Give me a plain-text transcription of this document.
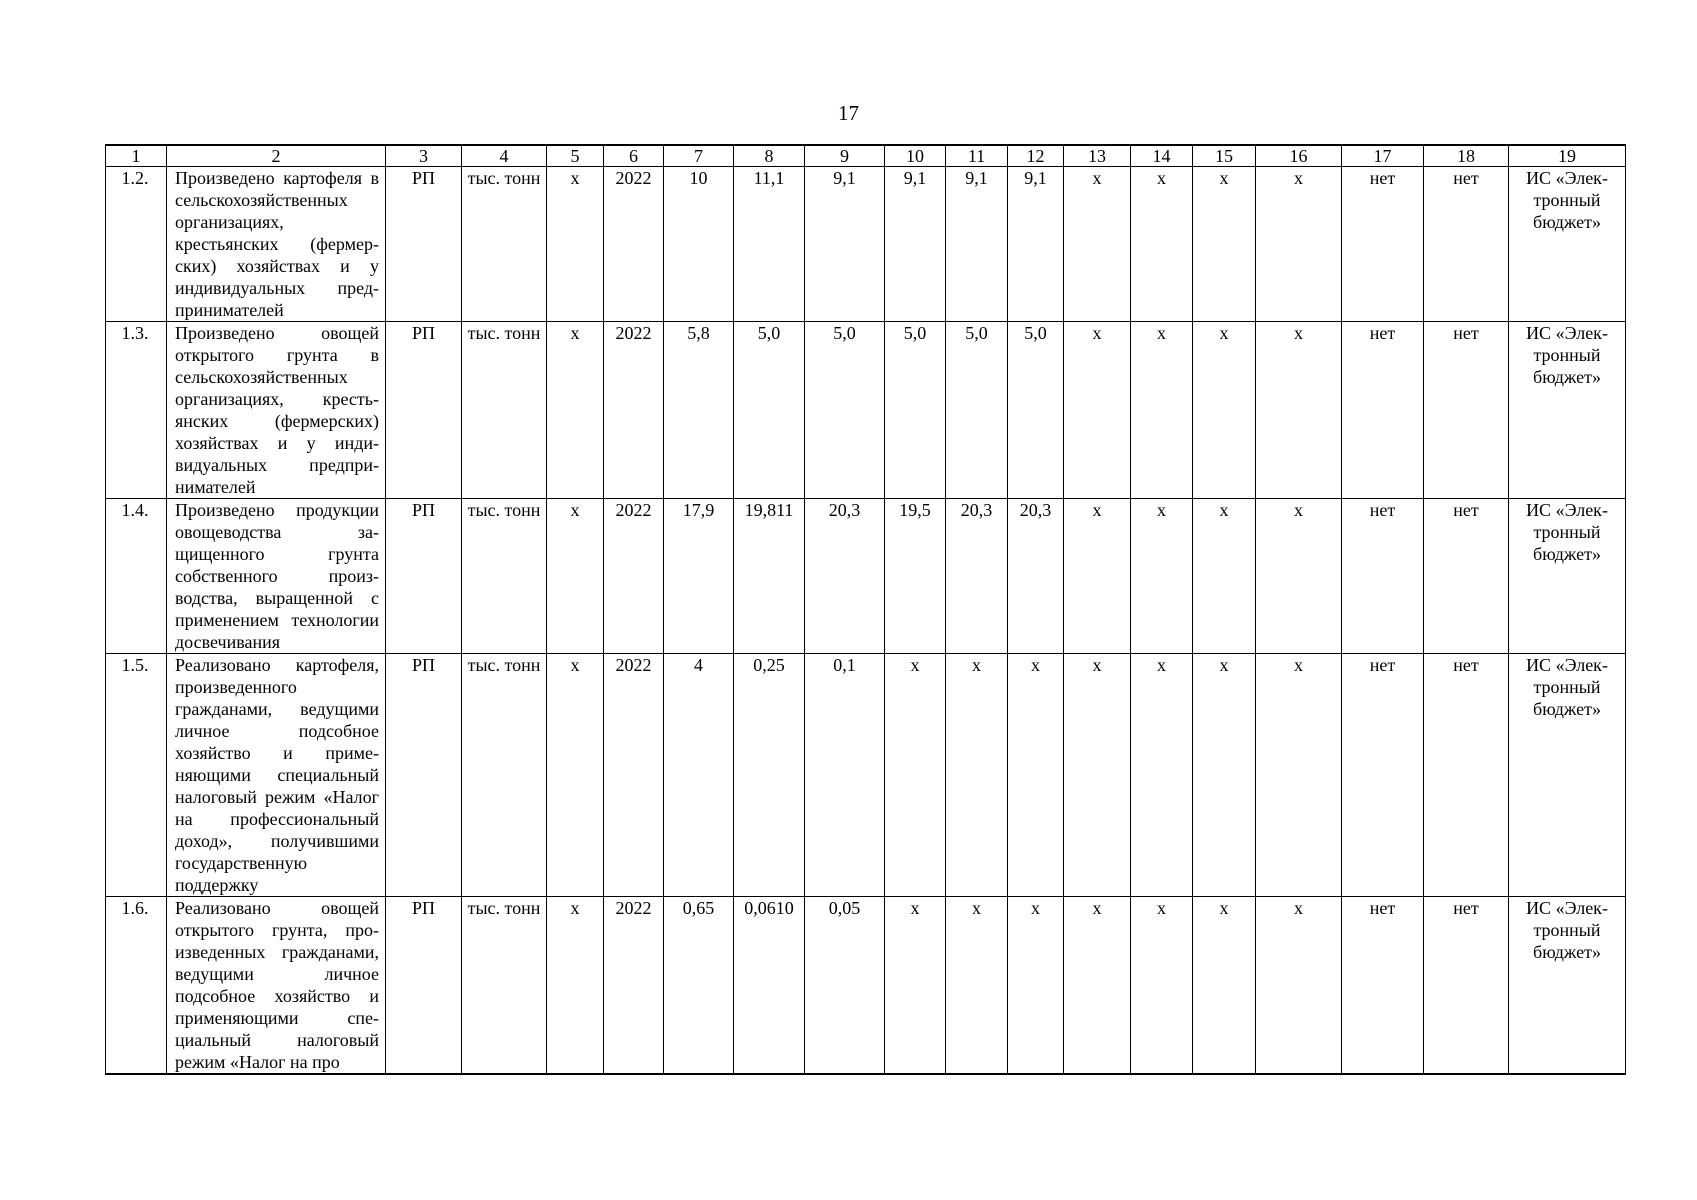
17
1	2	3	4	5	6	7	8	9	10	11	12	13	14	15	16	17	18	19
1.2.	Произведено картофеля в сельскохозяйственных организациях, крестьянских (фермерских) хозяйствах и у индивидуальных предпринимателей	РП	тыс. тонн	x	2022	10	11,1	9,1	9,1	9,1	9,1	x	x	x	x	нет	нет	ИС «Электронный бюджет»
1.3.	Произведено овощей открытого грунта в сельскохозяйственных организациях, крестьянских (фермерских) хозяйствах и у индивидуальных предпринимателей	РП	тыс. тонн	x	2022	5,8	5,0	5,0	5,0	5,0	5,0	x	x	x	x	нет	нет	ИС «Электронный бюджет»
1.4.	Произведено продукции овощеводства защищенного грунта собственного производства, выращенной с применением технологии досвечивания	РП	тыс. тонн	x	2022	17,9	19,811	20,3	19,5	20,3	20,3	x	x	x	x	нет	нет	ИС «Электронный бюджет»
1.5.	Реализовано картофеля, произведенного гражданами, ведущими личное подсобное хозяйство и применяющими специальный налоговый режим «Налог на профессиональный доход», получившими государственную поддержку	РП	тыс. тонн	x	2022	4	0,25	0,1	x	x	x	x	x	x	x	нет	нет	ИС «Электронный бюджет»
1.6.	Реализовано овощей открытого грунта, произведенных гражданами, ведущими личное подсобное хозяйство и применяющими специальный налоговый режим «Налог на про	РП	тыс. тонн	x	2022	0,65	0,0610	0,05	x	x	x	x	x	x	x	нет	нет	ИС «Электронный бюджет»
